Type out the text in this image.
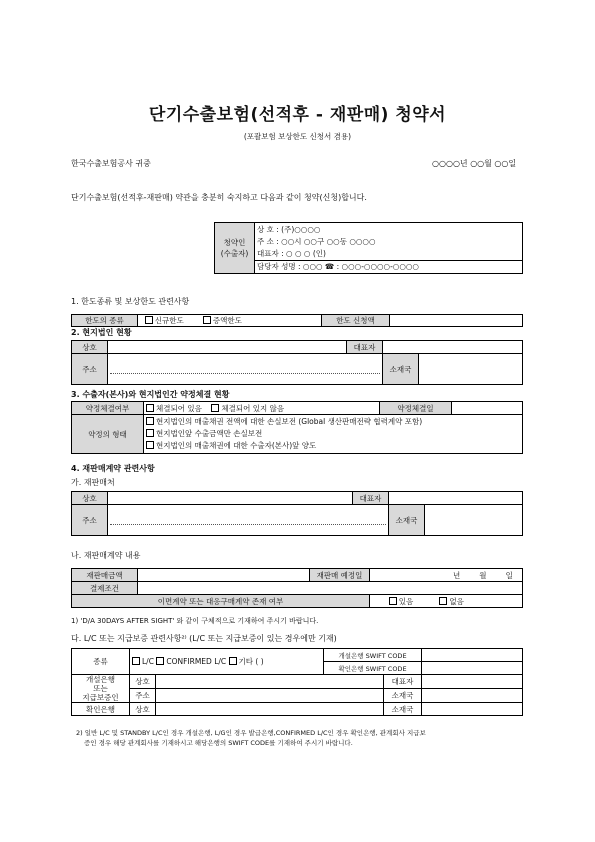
단기수출보험(선적후 - 재판매) 청약서
(포괄보험 보상한도 신청서 겸용)
한국수출보험공사 귀중	○○○○년 ○○월 ○○일
단기수출보험(선적후-재판매) 약관을 충분히 숙지하고 다음과 같이 청약(신청)합니다.
청약인
(수출자)	상 호 : (주)○○○○
주 소 : ○○시 ○○구 ○○동 ○○○○
대표자 : ○ ○ ○ (인)
담당자 성명 : ○○○ ☎ : ○○○-○○○○-○○○○
1. 한도종류 및 보상한도 관련사항
한도의 종류	신규한도	증액한도	한도 신청액	
2. 현지법인 현황
상호		대표자		
주소			소재국	
3. 수출자(본사)와 현지법인간 약정체결 현황
약정체결여부	체결되어 있음 체결되어 있지 않음	약정체결일	
약정의 형태	현지법인의 매출채권 전액에 대한 손실보전 (Global 생산판매전략 협력계약 포함)
현지법인앞 수출금액만 손실보전
현지법인의 매출채권에 대한 수출자(본사)앞 양도		
4. 재판매계약 관련사항
가. 재판매처
상호		대표자		
주소			소재국	
나. 재판매계약 내용
재판매금액		재판매 예정일	년 월 일
결제조건			
이면계약 또는 대응구매계약 존재 여부			있음 없음
1) 'D/A 30DAYS AFTER SIGHT' 와 같이 구체적으로 기재하여 주시기 바랍니다.
다. L/C 또는 지급보증 관련사항²⁾ (L/C 또는 지급보증이 있는 경우에만 기재)
종류	L/C CONFIRMED L/C 기타 ( )		개설은행 SWIFT CODE		
			확인은행 SWIFT CODE		
개설은행
또는
지급보증인	상호			대표자	
	주소			소재국	
확인은행	상호			소재국	
2) 일반 L/C 및 STANDBY L/C인 경우 개설은행, L/G인 경우 발급은행,CONFIRMED L/C인 경우 확인은행, 관계회사 지급보
증인 경우 해당 관계회사를 기재하시고 해당은행의 SWIFT CODE를 기재하여 주시기 바랍니다.
